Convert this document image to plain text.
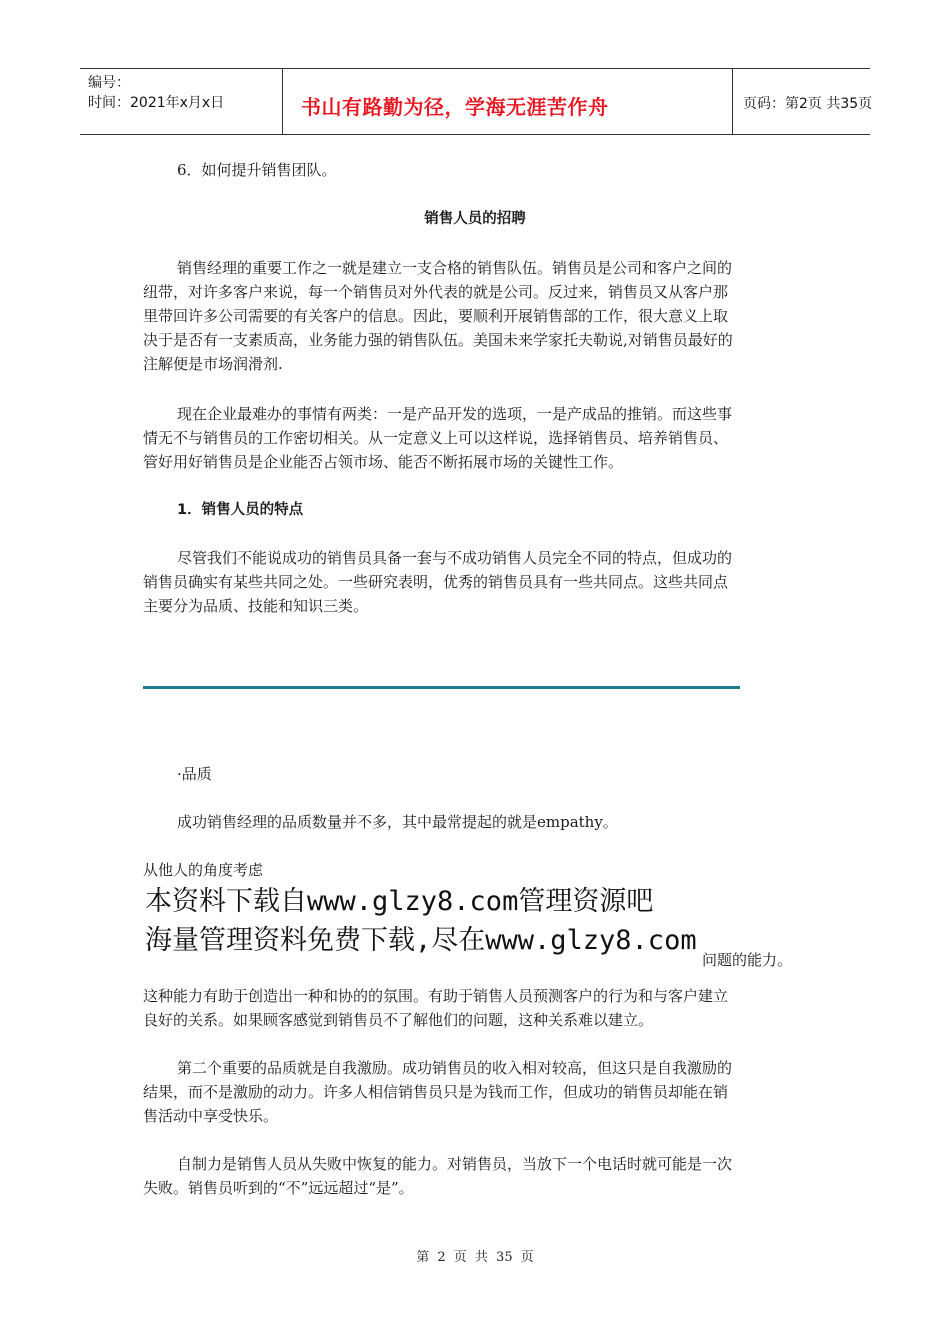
编号：
时间：2021年x月x日	书山有路勤为径，学海无涯苦作舟	页码：第2页 共35页
6．如何提升销售团队。
销售人员的招聘
销售经理的重要工作之一就是建立一支合格的销售队伍。销售员是公司和客户之间的
纽带，对许多客户来说，每一个销售员对外代表的就是公司。反过来，销售员又从客户那
里带回许多公司需要的有关客户的信息。因此，要顺利开展销售部的工作，很大意义上取
决于是否有一支素质高，业务能力强的销售队伍。美国未来学家托夫勒说,对销售员最好的
注解便是市场润滑剂.
现在企业最难办的事情有两类：一是产品开发的选项，一是产成品的推销。而这些事
情无不与销售员的工作密切相关。从一定意义上可以这样说，选择销售员、培养销售员、
管好用好销售员是企业能否占领市场、能否不断拓展市场的关键性工作。
1．销售人员的特点
尽管我们不能说成功的销售员具备一套与不成功销售人员完全不同的特点，但成功的
销售员确实有某些共同之处。一些研究表明，优秀的销售员具有一些共同点。这些共同点
主要分为品质、技能和知识三类。
·品质
成功销售经理的品质数量并不多，其中最常提起的就是empathy。
从他人的角度考虑
本资料下载自www.glzy8.com管理资源吧
海量管理资料免费下载,尽在www.glzy8.com
问题的能力。
这种能力有助于创造出一种和协的的氛围。有助于销售人员预测客户的行为和与客户建立
良好的关系。如果顾客感觉到销售员不了解他们的问题，这种关系难以建立。
第二个重要的品质就是自我激励。成功销售员的收入相对较高，但这只是自我激励的
结果，而不是激励的动力。许多人相信销售员只是为钱而工作，但成功的销售员却能在销
售活动中享受快乐。
自制力是销售人员从失败中恢复的能力。对销售员，当放下一个电话时就可能是一次
失败。销售员听到的“不”远远超过“是”。
第 2 页 共 35 页
